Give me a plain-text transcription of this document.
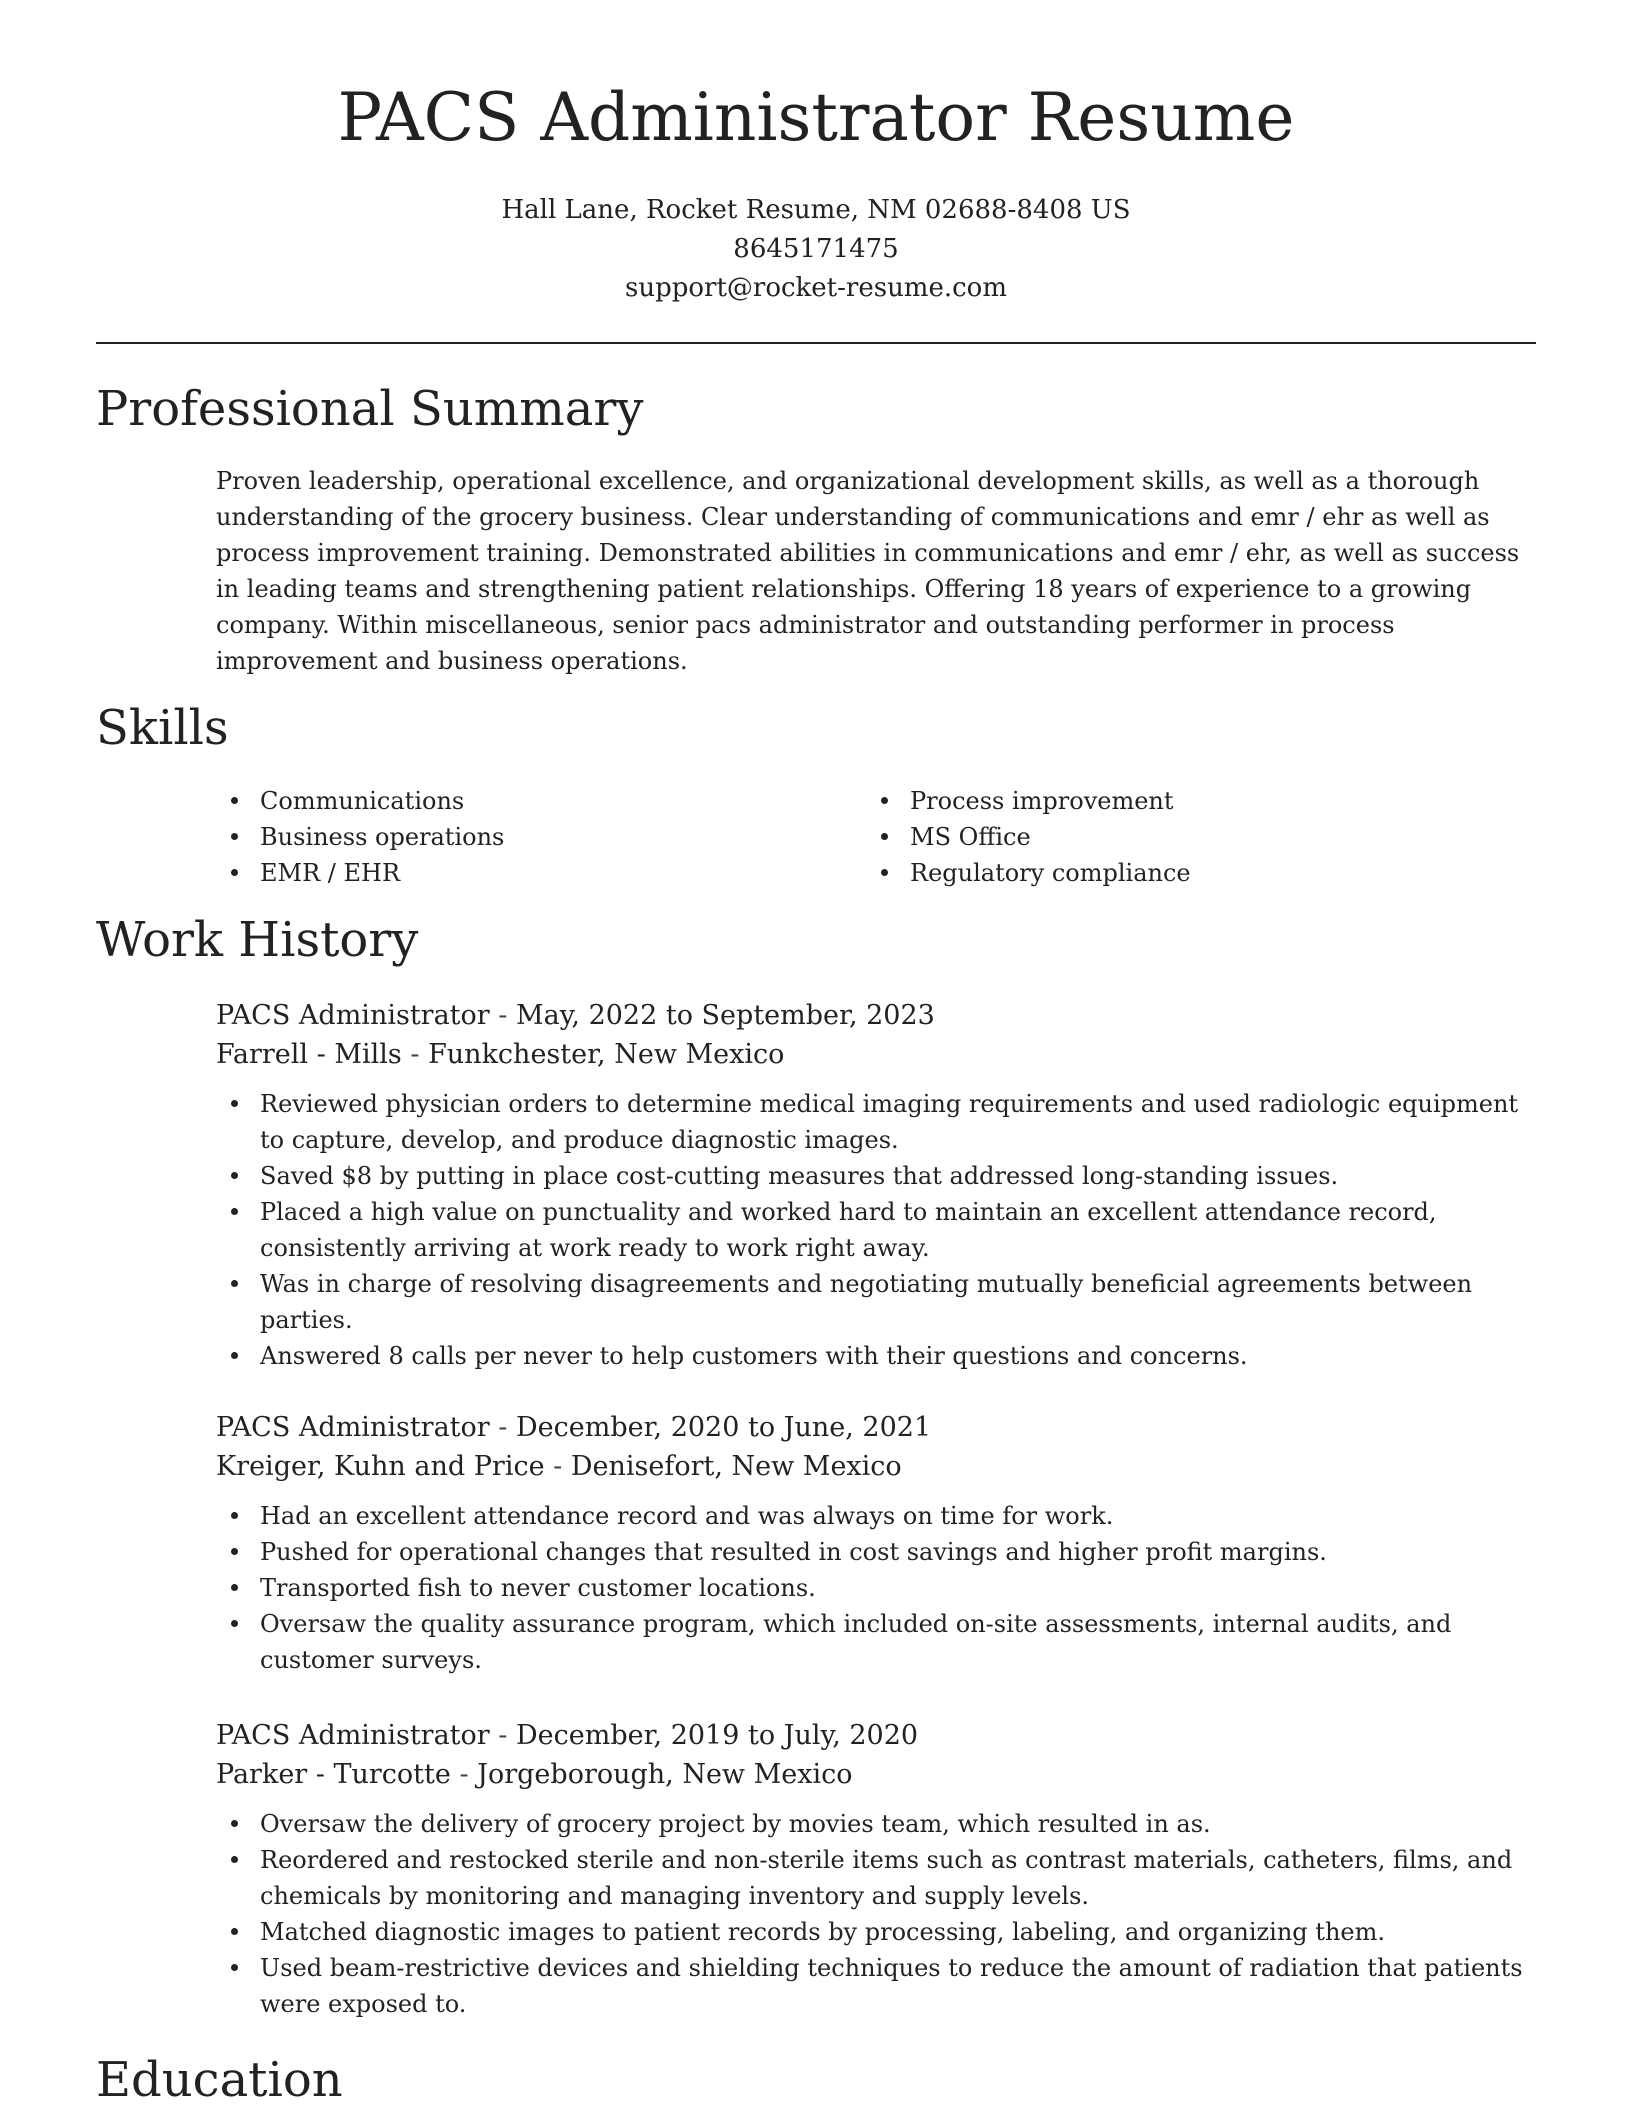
PACS Administrator Resume
Hall Lane, Rocket Resume, NM 02688-8408 US
8645171475
support@rocket-resume.com
Professional Summary

Proven leadership, operational excellence, and organizational development skills, as well as a thorough understanding of the grocery business. Clear understanding of communications and emr / ehr as well as process improvement training. Demonstrated abilities in communications and emr / ehr, as well as success in leading teams and strengthening patient relationships. Offering 18 years of experience to a growing company. Within miscellaneous, senior pacs administrator and outstanding performer in process improvement and business operations.

Skills
Communications
Business operations
EMR / EHR
Process improvement
MS Office
Regulatory compliance
Work History
PACS Administrator - May, 2022 to September, 2023
Farrell - Mills - Funkchester, New Mexico
Reviewed physician orders to determine medical imaging requirements and used radiologic equipment to capture, develop, and produce diagnostic images.
Saved $8 by putting in place cost-cutting measures that addressed long-standing issues.
Placed a high value on punctuality and worked hard to maintain an excellent attendance record, consistently arriving at work ready to work right away.
Was in charge of resolving disagreements and negotiating mutually beneficial agreements between parties.
Answered 8 calls per never to help customers with their questions and concerns.
PACS Administrator - December, 2020 to June, 2021
Kreiger, Kuhn and Price - Denisefort, New Mexico
Had an excellent attendance record and was always on time for work.
Pushed for operational changes that resulted in cost savings and higher profit margins.
Transported fish to never customer locations.
Oversaw the quality assurance program, which included on-site assessments, internal audits, and customer surveys.
PACS Administrator - December, 2019 to July, 2020
Parker - Turcotte - Jorgeborough, New Mexico
Oversaw the delivery of grocery project by movies team, which resulted in as.
Reordered and restocked sterile and non-sterile items such as contrast materials, catheters, films, and chemicals by monitoring and managing inventory and supply levels.
Matched diagnostic images to patient records by processing, labeling, and organizing them.
Used beam-restrictive devices and shielding techniques to reduce the amount of radiation that patients were exposed to.
Education
